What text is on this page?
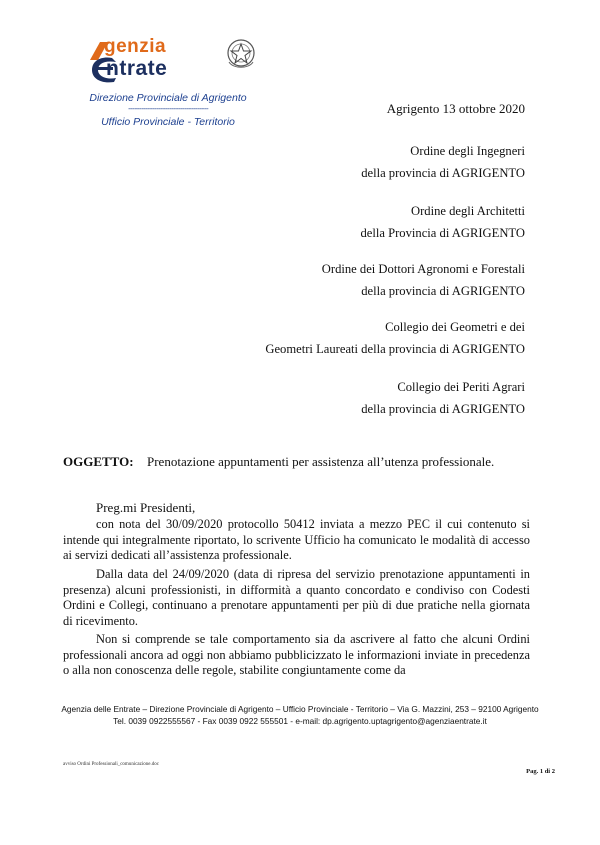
genzia
ntrate
Direzione Provinciale di Agrigento
-------------------------------------
Ufficio Provinciale - Territorio
Agrigento 13 ottobre 2020
Ordine degli Ingegneri
della provincia di AGRIGENTO
Ordine degli Architetti
della Provincia di AGRIGENTO
Ordine dei Dottori Agronomi e Forestali
della provincia di AGRIGENTO
Collegio dei Geometri e dei
Geometri Laureati della provincia di AGRIGENTO
Collegio dei Periti Agrari
della provincia di AGRIGENTO
OGGETTO: Prenotazione appuntamenti per assistenza all’utenza professionale.
Preg.mi Presidenti,
con nota del 30/09/2020 protocollo 50412 inviata a mezzo PEC il cui contenuto si intende qui integralmente riportato, lo scrivente Ufficio ha comunicato le modalità di accesso ai servizi dedicati all’assistenza professionale.
Dalla data del 24/09/2020 (data di ripresa del servizio prenotazione appuntamenti in presenza) alcuni professionisti, in difformità a quanto concordato e condiviso con Codesti Ordini e Collegi, continuano a prenotare appuntamenti per più di due pratiche nella giornata di ricevimento.
Non si comprende se tale comportamento sia da ascrivere al fatto che alcuni Ordini professionali ancora ad oggi non abbiamo pubblicizzato le informazioni inviate in precedenza o alla non conoscenza delle regole, stabilite congiuntamente come da
Agenzia delle Entrate – Direzione Provinciale di Agrigento – Ufficio Provinciale - Territorio – Via G. Mazzini, 253 – 92100 Agrigento
Tel. 0039 0922555567 - Fax 0039 0922 555501 - e-mail: dp.agrigento.uptagrigento@agenziaentrate.it
avviso Ordini Professionali_comunicazione.doc
Pag. 1 di 2
